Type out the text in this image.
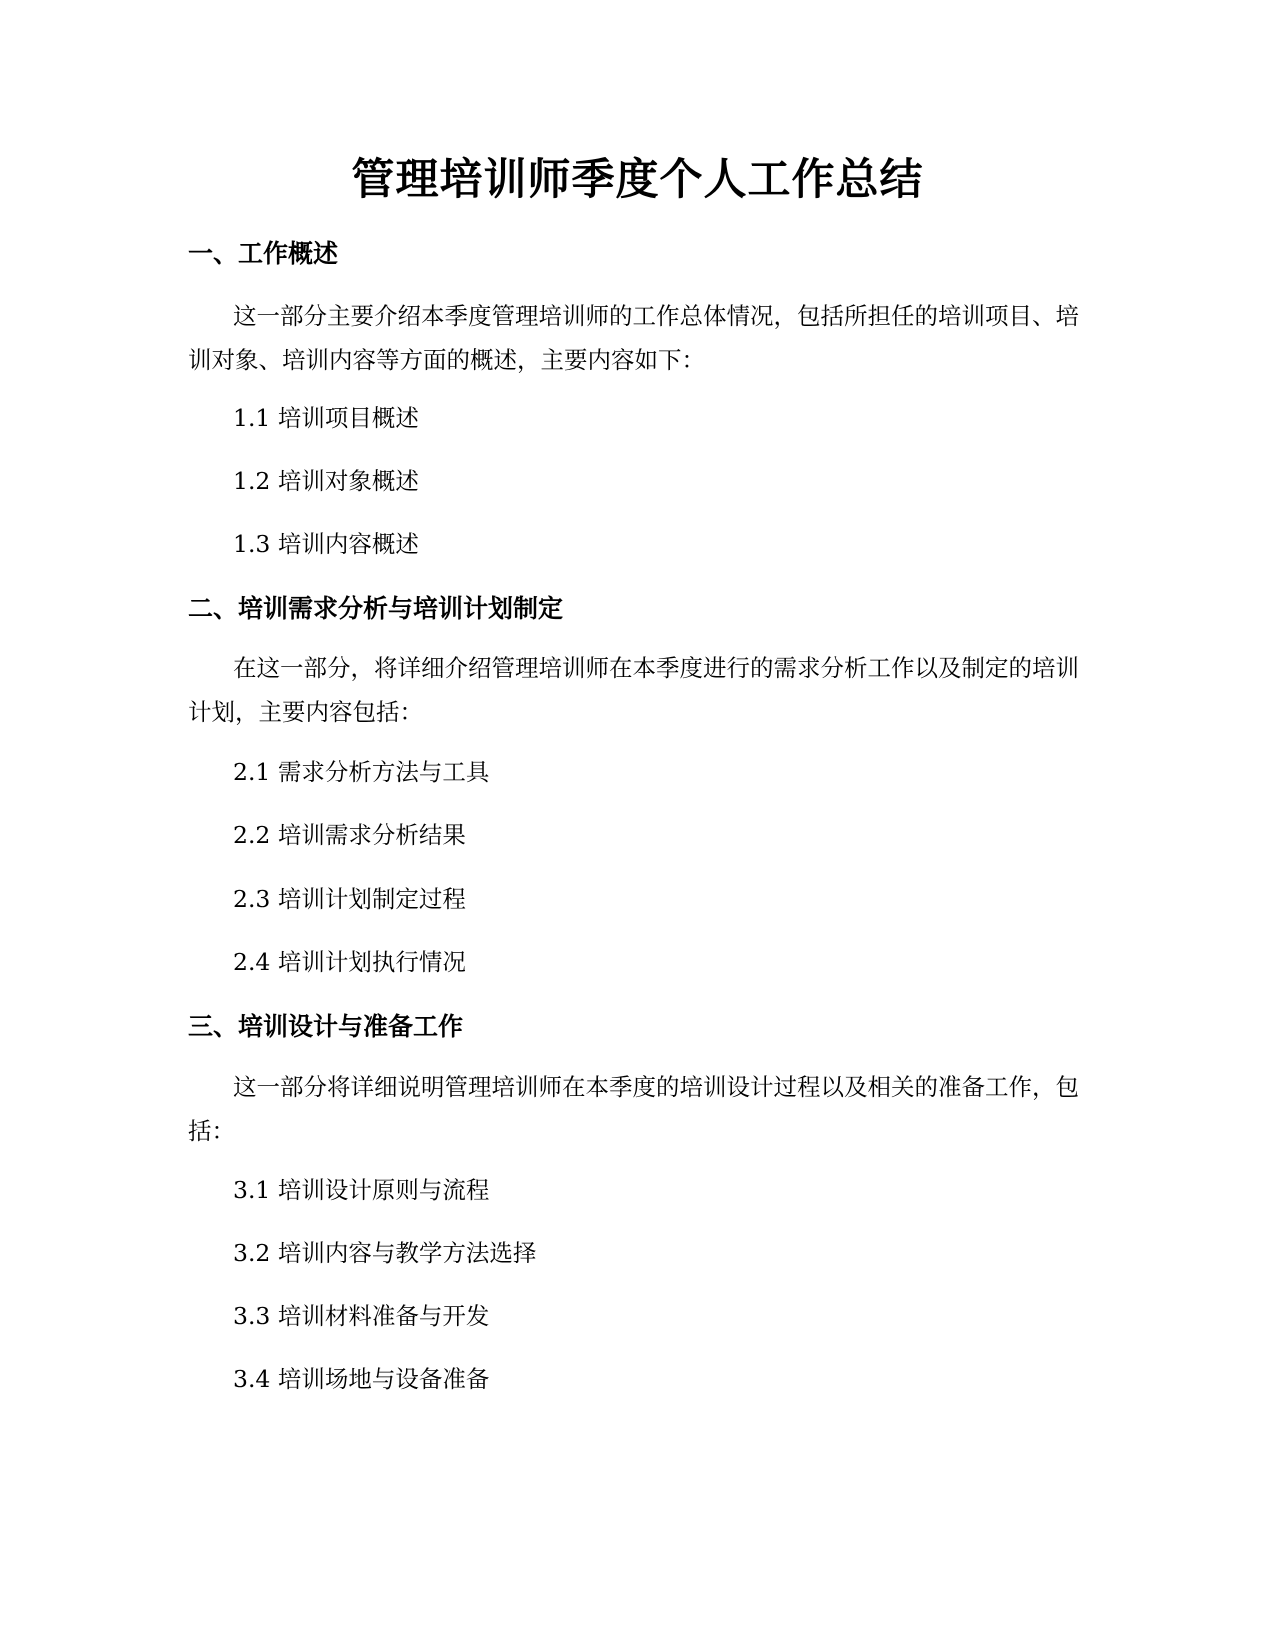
管理培训师季度个人工作总结
一、工作概述

这一部分主要介绍本季度管理培训师的工作总体情况，包括所担任的培训项目、培训对象、培训内容等方面的概述，主要内容如下：

1.1 培训项目概述

1.2 培训对象概述

1.3 培训内容概述

二、培训需求分析与培训计划制定

在这一部分，将详细介绍管理培训师在本季度进行的需求分析工作以及制定的培训计划，主要内容包括：

2.1 需求分析方法与工具

2.2 培训需求分析结果

2.3 培训计划制定过程

2.4 培训计划执行情况

三、培训设计与准备工作

这一部分将详细说明管理培训师在本季度的培训设计过程以及相关的准备工作，包括：

3.1 培训设计原则与流程

3.2 培训内容与教学方法选择

3.3 培训材料准备与开发

3.4 培训场地与设备准备
